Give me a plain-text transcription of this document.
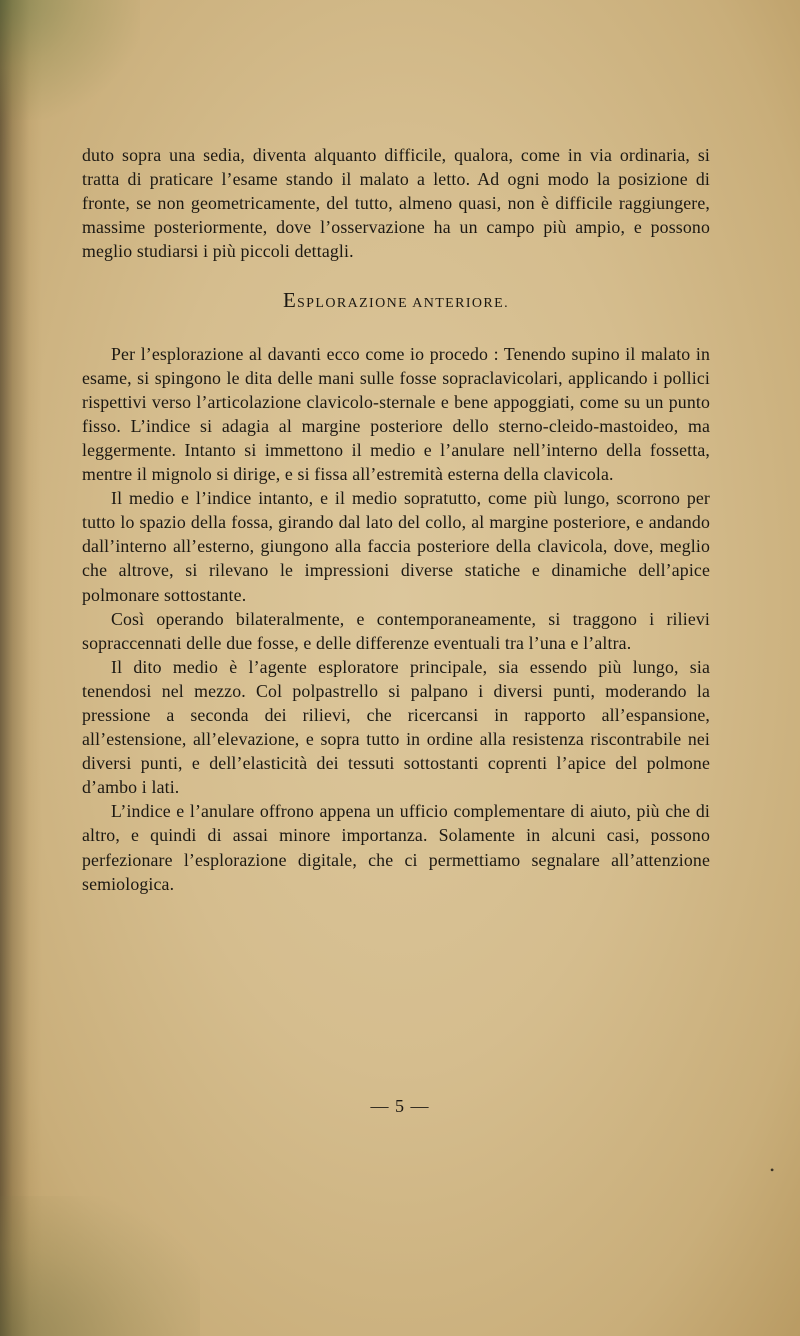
duto sopra una sedia, diventa alquanto difficile, qualora, come in via ordinaria, si tratta di praticare l’esame stando il malato a letto. Ad ogni modo la posizione di fronte, se non geometricamente, del tutto, almeno quasi, non è difficile raggiungere, massime posteriormente, dove l’osservazione ha un campo più ampio, e possono meglio studiarsi i più piccoli dettagli.

ESPLORAZIONE ANTERIORE.

Per l’esplorazione al davanti ecco come io procedo : Tenendo supino il malato in esame, si spingono le dita delle mani sulle fosse sopraclavicolari, applicando i pollici rispettivi verso l’articolazione clavicolo-sternale e bene appoggiati, come su un punto fisso. L’indice si adagia al margine posteriore dello sterno-cleido-mastoideo, ma leggermente. Intanto si immettono il medio e l’anulare nell’interno della fossetta, mentre il mignolo si dirige, e si fissa all’estremità esterna della clavicola.

Il medio e l’indice intanto, e il medio sopratutto, come più lungo, scorrono per tutto lo spazio della fossa, girando dal lato del collo, al margine posteriore, e andando dall’interno all’esterno, giungono alla faccia posteriore della clavicola, dove, meglio che altrove, si rilevano le impressioni diverse statiche e dinamiche dell’apice polmonare sottostante.

Così operando bilateralmente, e contemporaneamente, si traggono i rilievi sopraccennati delle due fosse, e delle differenze eventuali tra l’una e l’altra.

Il dito medio è l’agente esploratore principale, sia essendo più lungo, sia tenendosi nel mezzo. Col polpastrello si palpano i diversi punti, moderando la pressione a seconda dei rilievi, che ricercansi in rapporto all’espansione, all’estensione, all’elevazione, e sopra tutto in ordine alla resistenza riscontrabile nei diversi punti, e dell’elasticità dei tessuti sottostanti coprenti l’apice del polmone d’ambo i lati.

L’indice e l’anulare offrono appena un ufficio complementare di aiuto, più che di altro, e quindi di assai minore importanza. Solamente in alcuni casi, possono perfezionare l’esplorazione digitale, che ci permettiamo segnalare all’attenzione semiologica.

— 5 —
•
